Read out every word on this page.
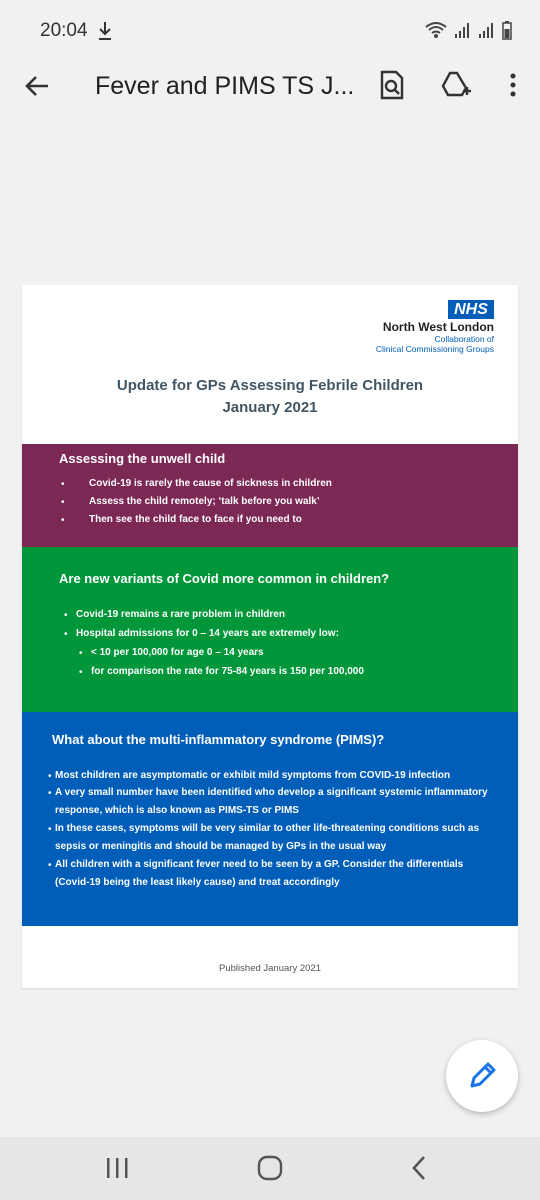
20:04
Fever and PIMS TS J...
NHS
North West London
Collaboration of
Clinical Commissioning Groups
Update for GPs Assessing Febrile Children
January 2021
Assessing the unwell child
• Covid-19 is rarely the cause of sickness in children
• Assess the child remotely; ‘talk before you walk’
• Then see the child face to face if you need to
Are new variants of Covid more common in children?
• Covid-19 remains a rare problem in children
• Hospital admissions for 0 – 14 years are extremely low:
• < 10 per 100,000 for age 0 – 14 years
• for comparison the rate for 75-84 years is 150 per 100,000
What about the multi-inflammatory syndrome (PIMS)?
• Most children are asymptomatic or exhibit mild symptoms from COVID-19 infection
• A very small number have been identified who develop a significant systemic inflammatory
response, which is also known as PIMS-TS or PIMS
• In these cases, symptoms will be very similar to other life-threatening conditions such as
sepsis or meningitis and should be managed by GPs in the usual way
• All children with a significant fever need to be seen by a GP. Consider the differentials
(Covid-19 being the least likely cause) and treat accordingly
Published January 2021
